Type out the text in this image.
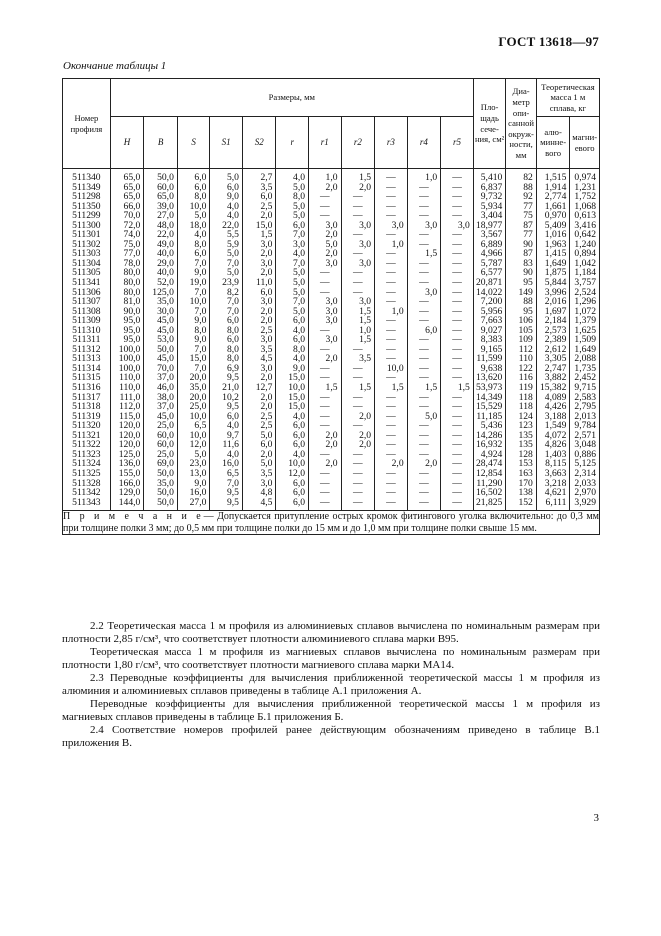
ГОСТ 13618—97
Окончание таблицы 1
Номер профиля	Размеры, мм											Пло-щадь сече-ния, см²	Диа-метр опи-санной окруж-ности, мм	Теоретическая масса 1 м сплава, кг	
	H	B	S	S1	S2	r	r1	r2	r3	r4	r5			алю-минне-вого	магни-евого
511340	65,0	50,0	6,0	5,0	2,7	4,0	1,0	1,5	—	1,0	—	5,410	82	1,515	0,974
511349	65,0	60,0	6,0	6,0	3,5	5,0	2,0	2,0	—	—	—	6,837	88	1,914	1,231
511298	65,0	65,0	8,0	9,0	6,0	8,0	—	—	—	—	—	9,732	92	2,774	1,752
511350	66,0	39,0	10,0	4,0	2,5	5,0	—	—	—	—	—	5,934	77	1,661	1,068
511299	70,0	27,0	5,0	4,0	2,0	5,0	—	—	—	—	—	3,404	75	0,970	0,613
511300	72,0	48,0	18,0	22,0	15,0	6,0	3,0	3,0	3,0	3,0	3,0	18,977	87	5,409	3,416
511301	74,0	22,0	4,0	5,5	1,5	7,0	2,0	—	—	—	—	3,567	77	1,016	0,642
511302	75,0	49,0	8,0	5,9	3,0	3,0	5,0	3,0	1,0	—	—	6,889	90	1,963	1,240
511303	77,0	40,0	6,0	5,0	2,0	4,0	2,0	—	—	1,5	—	4,966	87	1,415	0,894
511304	78,0	29,0	7,0	7,0	3,0	7,0	3,0	3,0	—	—	—	5,787	83	1,649	1,042
511305	80,0	40,0	9,0	5,0	2,0	5,0	—	—	—	—	—	6,577	90	1,875	1,184
511341	80,0	52,0	19,0	23,9	11,0	5,0	—	—	—	—	—	20,871	95	5,844	3,757
511306	80,0	125,0	7,0	8,2	6,0	5,0	—	—	—	3,0	—	14,022	149	3,996	2,524
511307	81,0	35,0	10,0	7,0	3,0	7,0	3,0	3,0	—	—	—	7,200	88	2,016	1,296
511308	90,0	30,0	7,0	7,0	2,0	5,0	3,0	1,5	1,0	—	—	5,956	95	1,697	1,072
511309	95,0	45,0	9,0	6,0	2,0	6,0	3,0	1,5	—	—	—	7,663	106	2,184	1,379
511310	95,0	45,0	8,0	8,0	2,5	4,0	—	1,0	—	6,0	—	9,027	105	2,573	1,625
511311	95,0	53,0	9,0	6,0	3,0	6,0	3,0	1,5	—	—	—	8,383	109	2,389	1,509
511312	100,0	50,0	7,0	8,0	3,5	8,0	—	—	—	—	—	9,165	112	2,612	1,649
511313	100,0	45,0	15,0	8,0	4,5	4,0	2,0	3,5	—	—	—	11,599	110	3,305	2,088
511314	100,0	70,0	7,0	6,9	3,0	9,0	—	—	10,0	—	—	9,638	122	2,747	1,735
511315	110,0	37,0	20,0	9,5	2,0	15,0	—	—	—	—	—	13,620	116	3,882	2,452
511316	110,0	46,0	35,0	21,0	12,7	10,0	1,5	1,5	1,5	1,5	1,5	53,973	119	15,382	9,715
511317	111,0	38,0	20,0	10,2	2,0	15,0	—	—	—	—	—	14,349	118	4,089	2,583
511318	112,0	37,0	25,0	9,5	2,0	15,0	—	—	—	—	—	15,529	118	4,426	2,795
511319	115,0	45,0	10,0	6,0	2,5	4,0	—	2,0	—	5,0	—	11,185	124	3,188	2,013
511320	120,0	25,0	6,5	4,0	2,5	6,0	—	—	—	—	—	5,436	123	1,549	9,784
511321	120,0	60,0	10,0	9,7	5,0	6,0	2,0	2,0	—	—	—	14,286	135	4,072	2,571
511322	120,0	60,0	12,0	11,6	6,0	6,0	2,0	2,0	—	—	—	16,932	135	4,826	3,048
511323	125,0	25,0	5,0	4,0	2,0	4,0	—	—	—	—	—	4,924	128	1,403	0,886
511324	136,0	69,0	23,0	16,0	5,0	10,0	2,0	—	2,0	2,0	—	28,474	153	8,115	5,125
511325	155,0	50,0	13,0	6,5	3,5	12,0	—	—	—	—	—	12,854	163	3,663	2,314
511328	166,0	35,0	9,0	7,0	3,0	6,0	—	—	—	—	—	11,290	170	3,218	2,033
511342	129,0	50,0	16,0	9,5	4,8	6,0	—	—	—	—	—	16,502	138	4,621	2,970
511343	144,0	50,0	27,0	9,5	4,5	6,0	—	—	—	—	—	21,825	152	6,111	3,929
П р и м е ч а н и е— Допускается притупление острых кромок фитингового уголка включительно: до 0,3 мм при толщине полки 3 мм; до 0,5 мм при толщине полки до 15 мм и до 1,0 мм при толщине полки свыше 15 мм.															

2.2 Теоретическая масса 1 м профиля из алюминиевых сплавов вычислена по номинальным размерам при плотности 2,85 г/см³, что соответствует плотности алюминиевого сплава марки В95.

Теоретическая масса 1 м профиля из магниевых сплавов вычислена по номинальным размерам при плотности 1,80 г/см³, что соответствует плотности магниевого сплава марки МА14.

2.3 Переводные коэффициенты для вычисления приближенной теоретической массы 1 м профиля из алюминия и алюминиевых сплавов приведены в таблице А.1 приложения А.

Переводные коэффициенты для вычисления приближенной теоретической массы 1 м профиля из магниевых сплавов приведены в таблице Б.1 приложения Б.

2.4 Соответствие номеров профилей ранее действующим обозначениям приведено в таблице В.1 приложения В.

3
